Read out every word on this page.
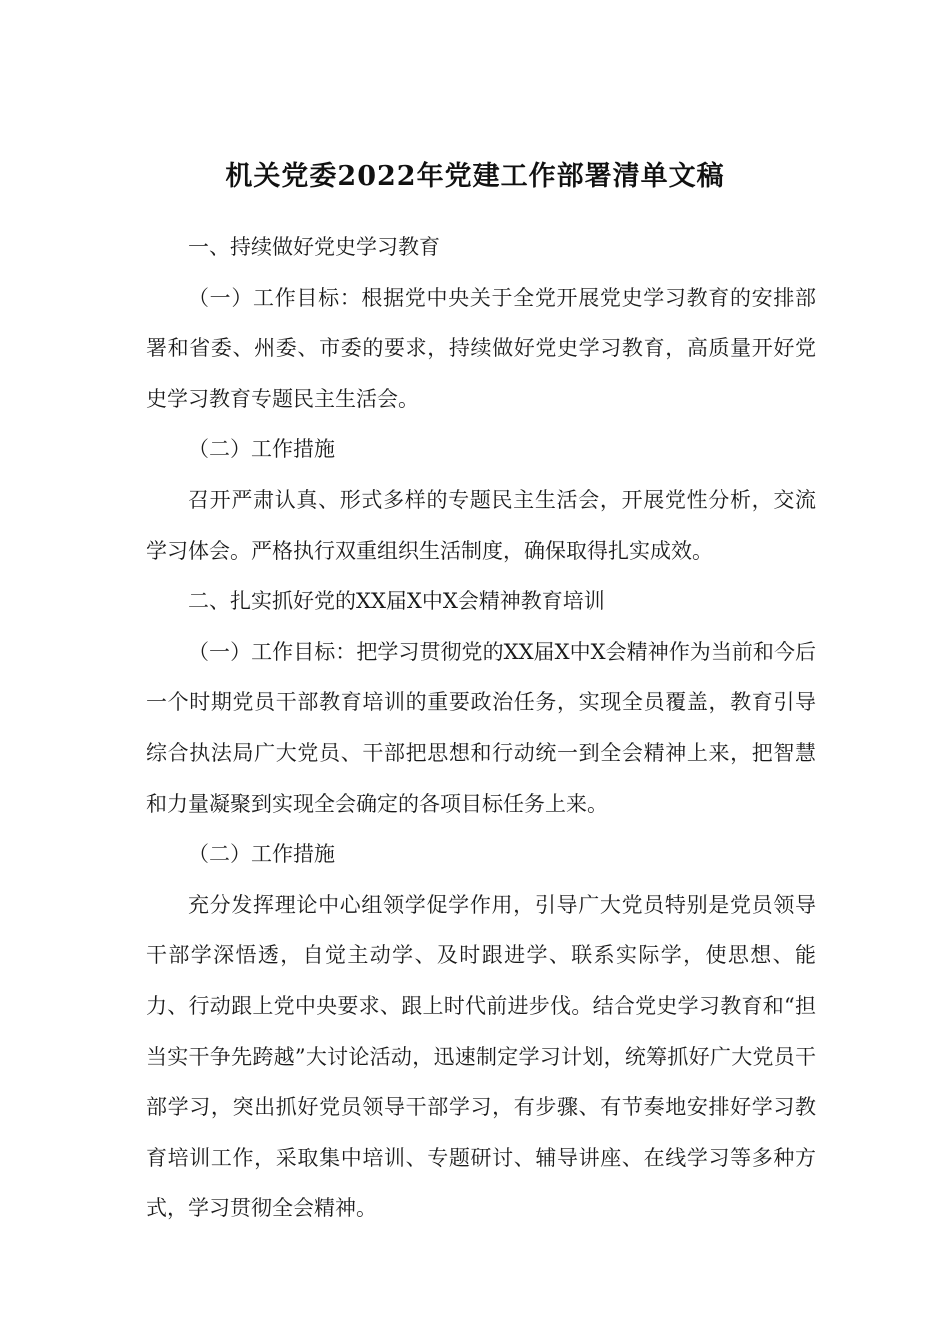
机关党委2022年党建工作部署清单文稿

一、持续做好党史学习教育

（一）工作目标：根据党中央关于全党开展党史学习教育的安排部署和省委、州委、市委的要求，持续做好党史学习教育，高质量开好党史学习教育专题民主生活会。

（二）工作措施

召开严肃认真、形式多样的专题民主生活会，开展党性分析，交流学习体会。严格执行双重组织生活制度，确保取得扎实成效。

二、扎实抓好党的XX届X中X会精神教育培训

（一）工作目标：把学习贯彻党的XX届X中X会精神作为当前和今后一个时期党员干部教育培训的重要政治任务，实现全员覆盖，教育引导综合执法局广大党员、干部把思想和行动统一到全会精神上来，把智慧和力量凝聚到实现全会确定的各项目标任务上来。

（二）工作措施

充分发挥理论中心组领学促学作用，引导广大党员特别是党员领导干部学深悟透，自觉主动学、及时跟进学、联系实际学，使思想、能力、行动跟上党中央要求、跟上时代前进步伐。结合党史学习教育和“担当实干争先跨越”大讨论活动，迅速制定学习计划，统筹抓好广大党员干部学习，突出抓好党员领导干部学习，有步骤、有节奏地安排好学习教育培训工作，采取集中培训、专题研讨、辅导讲座、在线学习等多种方式，学习贯彻全会精神。
